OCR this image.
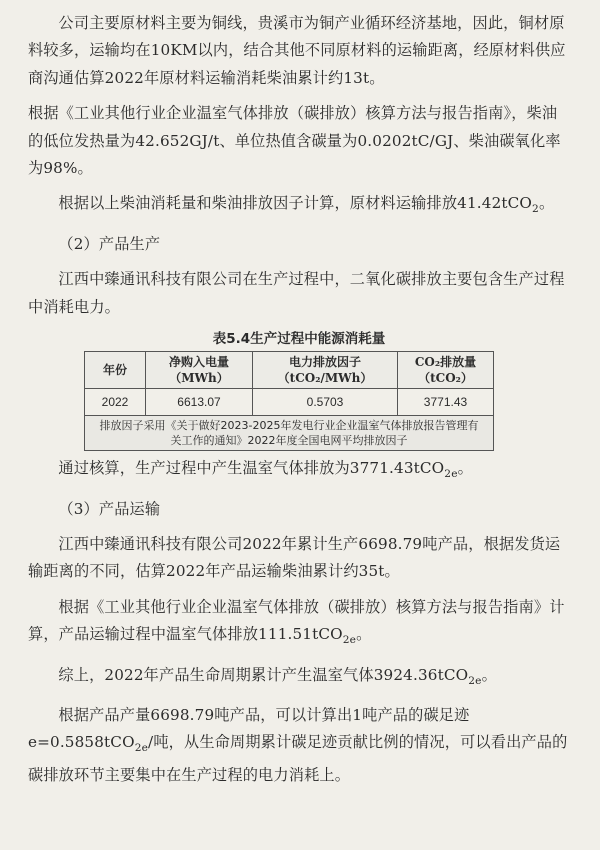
公司主要原材料主要为铜线，贵溪市为铜产业循环经济基地，因此，铜材原料较多，运输均在10KM以内，结合其他不同原材料的运输距离，经原材料供应商沟通估算2022年原材料运输消耗柴油累计约13t。

根据《工业其他行业企业温室气体排放（碳排放）核算方法与报告指南》，柴油的低位发热量为42.652GJ/t、单位热值含碳量为0.0202tC/GJ、柴油碳氧化率为98%。

根据以上柴油消耗量和柴油排放因子计算，原材料运输排放41.42tCO$_2$。

（2）产品生产

江西中臻通讯科技有限公司在生产过程中，二氧化碳排放主要包含生产过程中消耗电力。

表5.4生产过程中能源消耗量
年份	净购入电量（MWh）	电力排放因子（tCO₂/MWh）	CO₂排放量（tCO₂）
2022	6613.07	0.5703	3771.43
排放因子采用《关于做好2023-2025年发电行业企业温室气体排放报告管理有关工作的通知》2022年度全国电网平均排放因子			

通过核算，生产过程中产生温室气体排放为3771.43tCO$_{2e}$。

（3）产品运输

江西中臻通讯科技有限公司2022年累计生产6698.79吨产品，根据发货运输距离的不同，估算2022年产品运输柴油累计约35t。

根据《工业其他行业企业温室气体排放（碳排放）核算方法与报告指南》计算，产品运输过程中温室气体排放111.51tCO$_{2e}$。

综上，2022年产品生命周期累计产生温室气体3924.36tCO$_{2e}$。

根据产品产量6698.79吨产品，可以计算出1吨产品的碳足迹e=0.5858tCO$_{2e}$/吨，从生命周期累计碳足迹贡献比例的情况，可以看出产品的碳排放环节主要集中在生产过程的电力消耗上。
